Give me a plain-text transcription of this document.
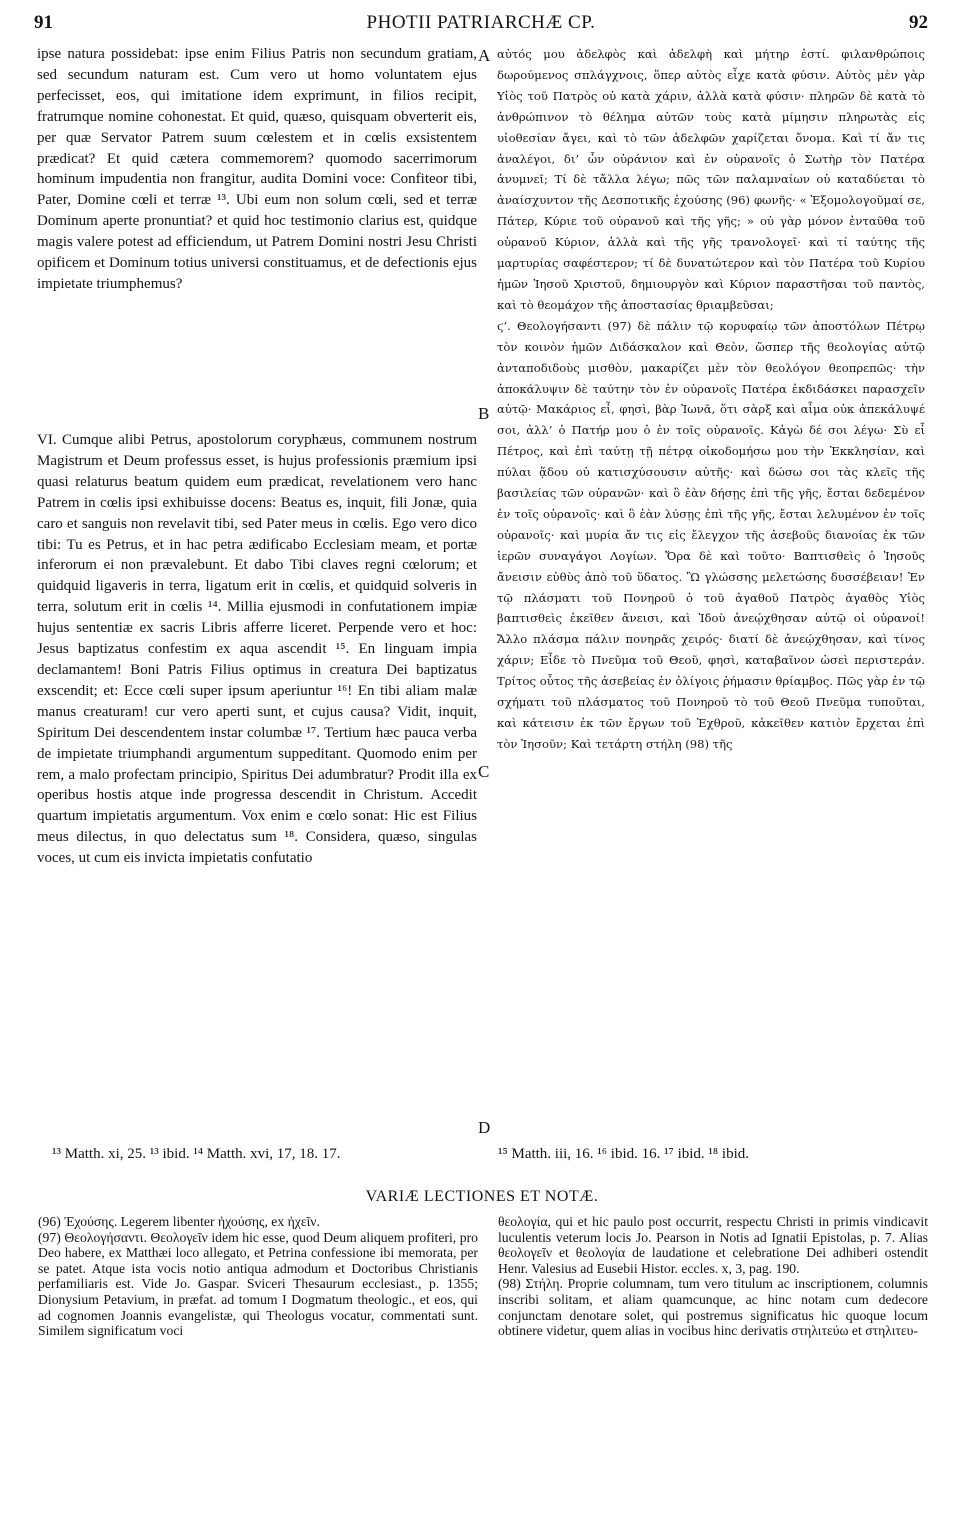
91	PHOTII PATRIARCHÆ CP.	92

ipse natura possidebat: ipse enim Filius Patris non secundum gratiam, sed secundum naturam est. Cum vero ut homo voluntatem ejus perfecisset, eos, qui imitatione idem exprimunt, in filios recipit, fratrumque nomine cohonestat. Et quid, quæso, quisquam obverterit eis, per quæ Servator Patrem suum cœlestem et in cœlis exsistentem prædicat? Et quid cætera commemorem? quomodo sacerrimorum hominum impudentia non frangitur, audita Domini voce: Confiteor tibi, Pater, Domine cœli et terræ ¹³. Ubi eum non solum cœli, sed et terræ Dominum aperte pronuntiat? et quid hoc testimonio clarius est, quidque magis valere potest ad efficiendum, ut Patrem Domini nostri Jesu Christi opificem et Dominum totius universi constituamus, et de defectionis ejus impietate triumphemus?

VI. Cumque alibi Petrus, apostolorum coryphæus, communem nostrum Magistrum et Deum professus esset, is hujus professionis præmium ipsi quasi relaturus beatum quidem eum prædicat, revelationem vero hanc Patrem in cœlis ipsi exhibuisse docens: Beatus es, inquit, fili Jonæ, quia caro et sanguis non revelavit tibi, sed Pater meus in cœlis. Ego vero dico tibi: Tu es Petrus, et in hac petra ædificabo Ecclesiam meam, et portæ inferorum ei non prævalebunt. Et dabo Tibi claves regni cœlorum; et quidquid ligaveris in terra, ligatum erit in cœlis, et quidquid solveris in terra, solutum erit in cœlis ¹⁴. Millia ejusmodi in confutationem impiæ hujus sententiæ ex sacris Libris afferre liceret. Perpende vero et hoc: Jesus baptizatus confestim ex aqua ascendit ¹⁵. En linguam impia declamantem! Boni Patris Filius optimus in creatura Dei baptizatus exscendit; et: Ecce cœli super ipsum aperiuntur ¹⁶! En tibi aliam malæ manus creaturam! cur vero aperti sunt, et cujus causa? Vidit, inquit, Spiritum Dei descendentem instar columbæ ¹⁷. Tertium hæc pauca verba de impietate triumphandi argumentum suppeditant. Quomodo enim per rem, a malo profectam principio, Spiritus Dei adumbratur? Prodit illa ex operibus hostis atque inde progressa descendit in Christum. Accedit quartum impietatis argumentum. Vox enim e cœlo sonat: Hic est Filius meus dilectus, in quo delectatus sum ¹⁸. Considera, quæso, singulas voces, ut cum eis invicta impietatis confutatio

A
B
C
D

αὐτός μου ἀδελφὸς καὶ ἀδελφὴ καὶ μήτηρ ἐστί. φιλανθρώποις δωρούμενος σπλάγχνοις, ὅπερ αὐτὸς εἶχε κατὰ φύσιν. Αὐτὸς μὲν γὰρ Υἱὸς τοῦ Πατρὸς οὐ κατὰ χάριν, ἀλλὰ κατὰ φύσιν· πληρῶν δὲ κατὰ τὸ ἀνθρώπινον τὸ θέλημα αὐτῶν τοὺς κατὰ μίμησιν πληρωτὰς εἰς υἱοθεσίαν ἄγει, καὶ τὸ τῶν ἀδελφῶν χαρίζεται ὄνομα. Καὶ τί ἄν τις ἀναλέγοι, δι’ ὧν οὐράνιον καὶ ἐν οὐρανοῖς ὁ Σωτὴρ τὸν Πατέρα ἀνυμνεῖ; Τί δὲ τἄλλα λέγω; πῶς τῶν παλαμναίων οὐ καταδύεται τὸ ἀναίσχυντον τῆς Δεσποτικῆς ἐχούσης (96) φωνῆς· « Ἐξομολογοῦμαί σε, Πάτερ, Κύριε τοῦ οὐρανοῦ καὶ τῆς γῆς; » οὐ γὰρ μόνον ἐνταῦθα τοῦ οὐρανοῦ Κύριον, ἀλλὰ καὶ τῆς γῆς τρανολογεῖ· καὶ τί ταύτης τῆς μαρτυρίας σαφέστερον; τί δὲ δυνατώτερον καὶ τὸν Πατέρα τοῦ Κυρίου ἡμῶν Ἰησοῦ Χριστοῦ, δημιουργὸν καὶ Κύριον παραστῆσαι τοῦ παντὸς, καὶ τὸ θεομάχον τῆς ἀποστασίας θριαμβεῦσαι;

ϛ’. Θεολογήσαντι (97) δὲ πάλιν τῷ κορυφαίῳ τῶν ἀποστόλων Πέτρῳ τὸν κοινὸν ἡμῶν Διδάσκαλον καὶ Θεὸν, ὥσπερ τῆς θεολογίας αὐτῷ ἀνταποδιδοὺς μισθὸν, μακαρίζει μὲν τὸν θεολόγον θεοπρεπῶς· τὴν ἀποκάλυψιν δὲ ταύτην τὸν ἐν οὐρανοῖς Πατέρα ἐκδιδάσκει παρασχεῖν αὐτῷ· Μακάριος εἶ, φησὶ, βὰρ Ἰωνᾶ, ὅτι σὰρξ καὶ αἷμα οὐκ ἀπεκάλυψέ σοι, ἀλλ’ ὁ Πατήρ μου ὁ ἐν τοῖς οὐρανοῖς. Κἀγὼ δέ σοι λέγω· Σὺ εἶ Πέτρος, καὶ ἐπὶ ταύτῃ τῇ πέτρᾳ οἰκοδομήσω μου τὴν Ἐκκλησίαν, καὶ πύλαι ᾅδου οὐ κατισχύσουσιν αὐτῆς· καὶ δώσω σοι τὰς κλεῖς τῆς βασιλείας τῶν οὐρανῶν· καὶ ὃ ἐὰν δήσῃς ἐπὶ τῆς γῆς, ἔσται δεδεμένον ἐν τοῖς οὐρανοῖς· καὶ ὃ ἐὰν λύσῃς ἐπὶ τῆς γῆς, ἔσται λελυμένον ἐν τοῖς οὐρανοῖς· καὶ μυρία ἄν τις εἰς ἔλεγχον τῆς ἀσεβοῦς διανοίας ἐκ τῶν ἱερῶν συναγάγοι Λογίων. Ὅρα δὲ καὶ τοῦτο· Βαπτισθεὶς ὁ Ἰησοῦς ἄνεισιν εὐθὺς ἀπὸ τοῦ ὕδατος. Ὢ γλώσσης μελετώσης δυσσέβειαν! Ἐν τῷ πλάσματι τοῦ Πονηροῦ ὁ τοῦ ἀγαθοῦ Πατρὸς ἀγαθὸς Υἱὸς βαπτισθεὶς ἐκεῖθεν ἄνεισι, καὶ Ἰδοὺ ἀνεῴχθησαν αὐτῷ οἱ οὐρανοί! Ἄλλο πλάσμα πάλιν πονηρᾶς χειρός· διατί δὲ ἀνεῴχθησαν, καὶ τίνος χάριν; Εἶδε τὸ Πνεῦμα τοῦ Θεοῦ, φησὶ, καταβαῖνον ὡσεὶ περιστεράν. Τρίτος οὗτος τῆς ἀσεβείας ἐν ὀλίγοις ῥήμασιν θρίαμβος. Πῶς γὰρ ἐν τῷ σχήματι τοῦ πλάσματος τοῦ Πονηροῦ τὸ τοῦ Θεοῦ Πνεῦμα τυποῦται, καὶ κάτεισιν ἐκ τῶν ἔργων τοῦ Ἐχθροῦ, κἀκεῖθεν κατιὸν ἔρχεται ἐπὶ τὸν Ἰησοῦν; Καὶ τετάρτη στήλη (98) τῆς

¹³ Matth. xi, 25. ¹³ ibid. ¹⁴ Matth. xvi, 17, 18. 17.	¹⁵ Matth. iii, 16. ¹⁶ ibid. 16. ¹⁷ ibid. ¹⁸ ibid.
VARIÆ LECTIONES ET NOTÆ.

(96) Ἐχούσης. Legerem libenter ἠχούσης, ex ἠχεῖν.

(97) Θεολογήσαντι. Θεολογεῖν idem hic esse, quod Deum aliquem profiteri, pro Deo habere, ex Matthæi loco allegato, et Petrina confessione ibi memorata, per se patet. Atque ista vocis notio antiqua admodum et Doctoribus Christianis perfamiliaris est. Vide Jo. Gaspar. Sviceri Thesaurum ecclesiast., p. 1355; Dionysium Petavium, in præfat. ad tomum I Dogmatum theologic., et eos, qui ad cognomen Joannis evangelistæ, qui Theologus vocatur, commentati sunt. Similem significatum voci

θεολογία, qui et hic paulo post occurrit, respectu Christi in primis vindicavit luculentis veterum locis Jo. Pearson in Notis ad Ignatii Epistolas, p. 7. Alias θεολογεῖν et θεολογία de laudatione et celebratione Dei adhiberi ostendit Henr. Valesius ad Eusebii Histor. eccles. x, 3, pag. 190.

(98) Στήλη. Proprie columnam, tum vero titulum ac inscriptionem, columnis inscribi solitam, et aliam quamcunque, ac hinc notam cum dedecore conjunctam denotare solet, qui postremus significatus hic quoque locum obtinere videtur, quem alias in vocibus hinc derivatis στηλιτεύω et στηλιτευ-
